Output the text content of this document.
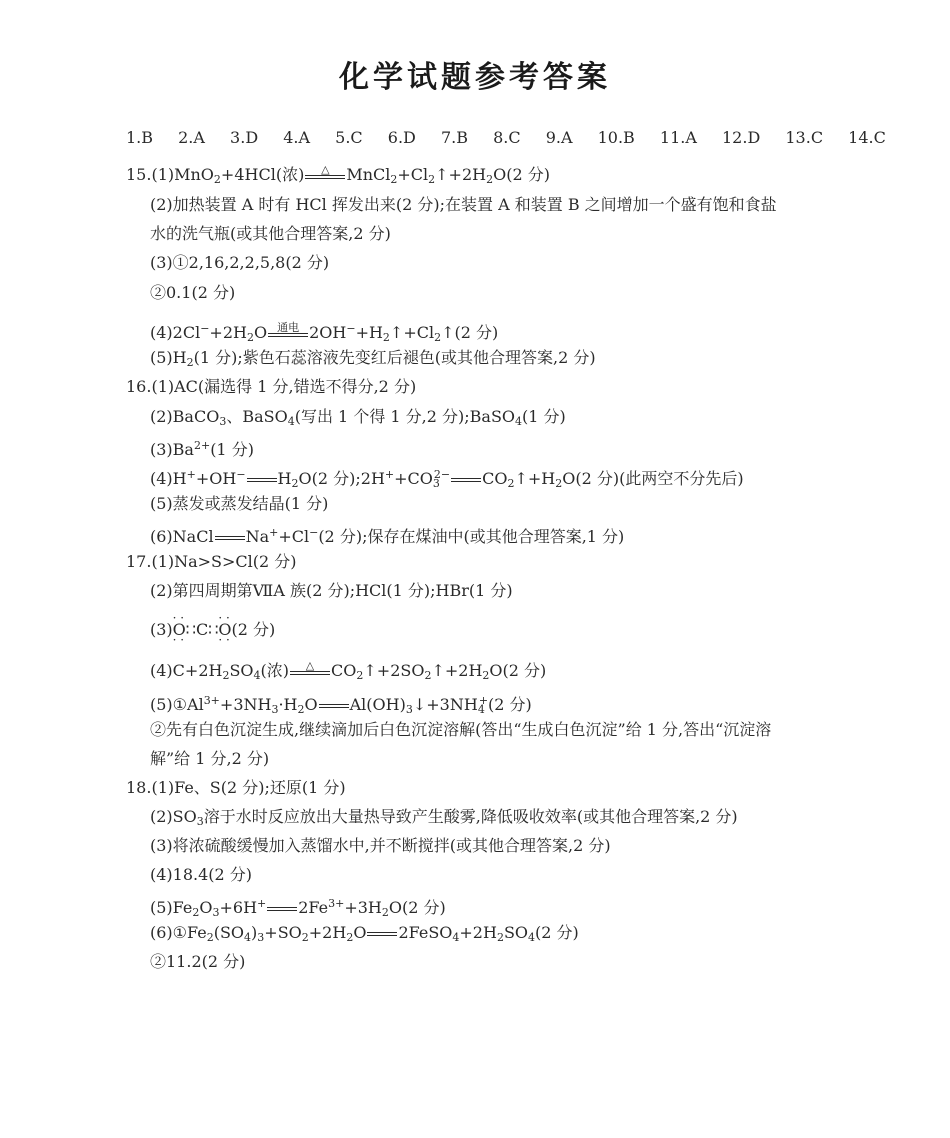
化学试题参考答案
1.B 2.A 3.D 4.A 5.C 6.D 7.B 8.C 9.A 10.B 11.A 12.D 13.C 14.C
15.(1)MnO$_2$+4HCl(浓)	△	$MnCl_2+Cl_2↑+2H_2O(2$ 分)
(2)加热装置 A 时有 HCl 挥发出来(2 分);在装置 A 和装置 B 之间增加一个盛有饱和食盐
水的洗气瓶(或其他合理答案,2 分)
(3)①2,16,2,2,5,8(2 分)
②0.1(2 分)
$(4)2Cl^-+2H_2O$ 通电 $2OH^-+H_2↑+Cl_2↑(2$ 分)
$(5)H_2(1$ 分);紫色石蕊溶液先变红后褪色(或其他合理答案,2 分)
16.(1)AC(漏选得 1 分,错选不得分,2 分)
(2)BaCO$_3$、BaSO$_4$(写出 1 个得 1 分,2 分);BaSO$_4$(1 分)
$(3)Ba^{2+}(1$ 分)
(4)H++OH− $H_2O(2$ 分)$;2H^++CO_3^{2-}$ $CO_2↑+H_2O(2$ 分)(此两空不分先后)
(5)蒸发或蒸发结晶(1 分)
(6)NaCl Na++Cl−(2 分);保存在煤油中(或其他合理答案,1 分)
17.(1)Na>S>Cl(2 分)
(2)第四周期第ⅦA 族(2 分);HCl(1 分);HBr(1 分)
(3)· · O · ·∷C∷· · O · ·(2 分)
$(4)C+2H_2SO_4$(浓)	△	$CO_2↑+2SO_2↑+2H_2O(2$ 分)
$(5)①Al^{3+}+3NH_3\cdot H_2O$ $Al(OH)_3↓+3NH_4^+(2$ 分)
②先有白色沉淀生成,继续滴加后白色沉淀溶解(答出“生成白色沉淀”给 1 分,答出“沉淀溶
解”给 1 分,2 分)
18.(1)Fe、S(2 分);还原(1 分)
$(2)SO_3$溶于水时反应放出大量热导致产生酸雾,降低吸收效率(或其他合理答案,2 分)
(3)将浓硫酸缓慢加入蒸馏水中,并不断搅拌(或其他合理答案,2 分)
(4)18.4(2 分)
$(5)Fe_2O_3+6H^+$ $2Fe^{3+}+3H_2O(2$ 分)
$(6)①Fe_2(SO_4)_3+SO_2+2H_2O$ $2FeSO_4+2H_2SO_4(2$ 分)
②11.2(2 分)
